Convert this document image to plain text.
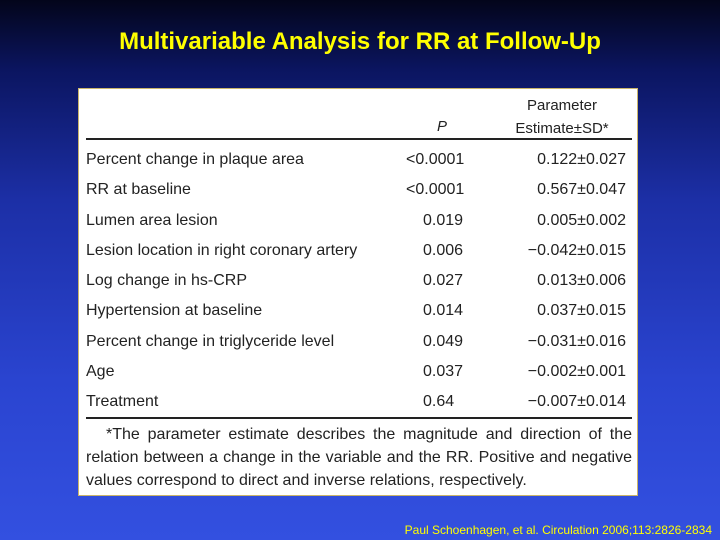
Multivariable Analysis for RR at Follow-Up
P
Parameter
Estimate±SD*
Percent change in plaque area	<0.0001	0.122±0.027
RR at baseline	<0.0001	0.567±0.047
Lumen area lesion	0.019	0.005±0.002
Lesion location in right coronary artery	0.006	−0.042±0.015
Log change in hs-CRP	0.027	0.013±0.006
Hypertension at baseline	0.014	0.037±0.015
Percent change in triglyceride level	0.049	−0.031±0.016
Age	0.037	−0.002±0.001
Treatment	0.64	−0.007±0.014

*The parameter estimate describes the magnitude and direction of the relation between a change in the variable and the RR. Positive and negative values correspond to direct and inverse relations, respectively.

Paul Schoenhagen, et al. Circulation 2006;113:2826-2834
